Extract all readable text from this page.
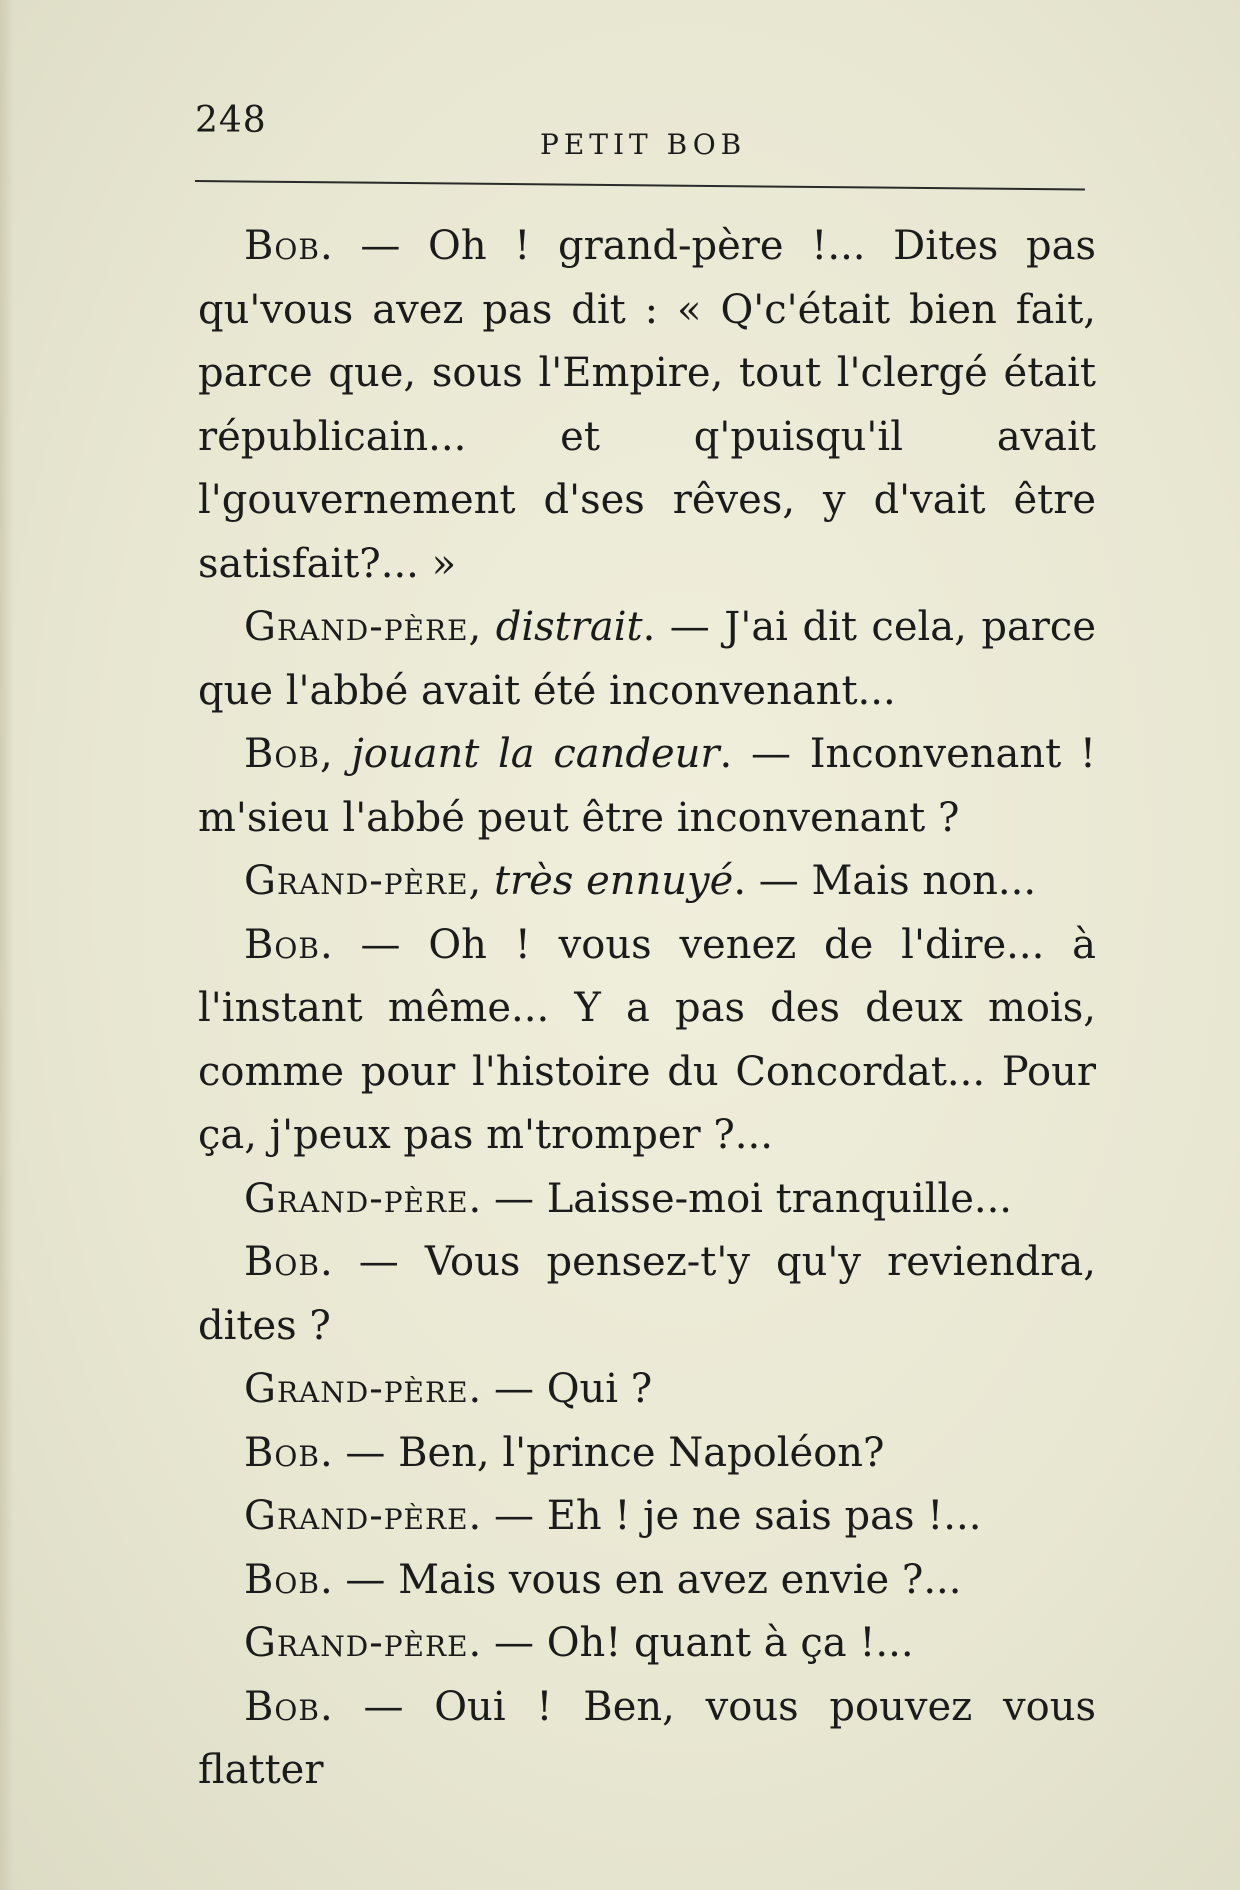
248
PETIT BOB

Bob. — Oh ! grand-père !... Dites pas qu'vous avez pas dit : « Q'c'était bien fait, parce que, sous l'Empire, tout l'clergé était républicain... et q'puisqu'il avait l'gouvernement d'ses rêves, y d'vait être satisfait?... »

Grand-père, distrait. — J'ai dit cela, parce que l'abbé avait été inconvenant...

Bob, jouant la candeur. — Inconvenant ! m'sieu l'abbé peut être inconvenant ?

Grand-père, très ennuyé. — Mais non...

Bob. — Oh ! vous venez de l'dire... à l'instant même... Y a pas des deux mois, comme pour l'histoire du Concordat... Pour ça, j'peux pas m'tromper ?...

Grand-père. — Laisse-moi tranquille...

Bob. — Vous pensez-t'y qu'y reviendra, dites ?

Grand-père. — Qui ?

Bob. — Ben, l'prince Napoléon?

Grand-père. — Eh ! je ne sais pas !...

Bob. — Mais vous en avez envie ?...

Grand-père. — Oh! quant à ça !...

Bob. — Oui ! Ben, vous pouvez vous flatter
